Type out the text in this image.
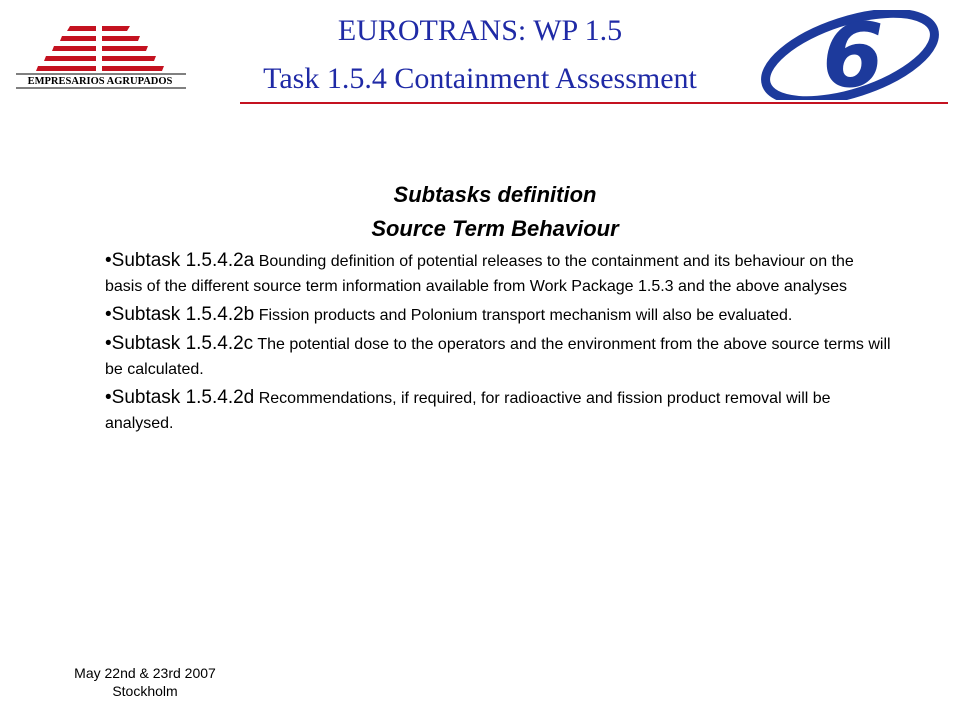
EMPRESARIOS AGRUPADOS
EUROTRANS: WP 1.5
Task 1.5.4 Containment Assessment	6
Subtasks definition
Source Term Behaviour
•Subtask 1.5.4.2a Bounding definition of potential releases to the containment and its behaviour on the basis of the different source term information available from Work Package 1.5.3 and the above analyses
•Subtask 1.5.4.2b Fission products and Polonium transport mechanism will also be evaluated.
•Subtask 1.5.4.2c The potential dose to the operators and the environment from the above source terms will be calculated.
•Subtask 1.5.4.2d Recommendations, if required, for radioactive and fission product removal will be analysed.
May 22nd & 23rd 2007
Stockholm
